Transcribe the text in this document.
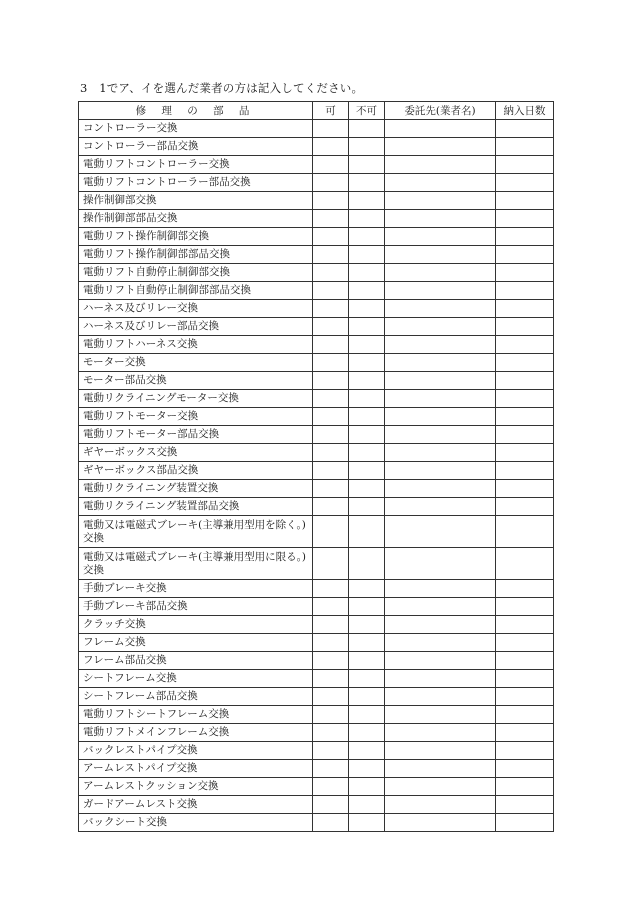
3　1でア、イを選んだ業者の方は記入してください。
修 理 の 部 品	可	不可	委託先(業者名)	納入日数
コントローラー交換				
コントローラー部品交換				
電動リフトコントローラー交換				
電動リフトコントローラー部品交換				
操作制御部交換				
操作制御部部品交換				
電動リフト操作制御部交換				
電動リフト操作制御部部品交換				
電動リフト自動停止制御部交換				
電動リフト自動停止制御部部品交換				
ハーネス及びリレー交換				
ハーネス及びリレー部品交換				
電動リフトハーネス交換				
モーター交換				
モーター部品交換				
電動リクライニングモーター交換				
電動リフトモーター交換				
電動リフトモーター部品交換				
ギヤーボックス交換				
ギヤーボックス部品交換				
電動リクライニング装置交換				
電動リクライニング装置部品交換				
電動又は電磁式ブレーキ(主導兼用型用を除く。)交換				
電動又は電磁式ブレーキ(主導兼用型用に限る。)交換				
手動ブレーキ交換				
手動ブレーキ部品交換				
クラッチ交換				
フレーム交換				
フレーム部品交換				
シートフレーム交換				
シートフレーム部品交換				
電動リフトシートフレーム交換				
電動リフトメインフレーム交換				
バックレストパイプ交換				
アームレストパイプ交換				
アームレストクッション交換				
ガードアームレスト交換				
バックシート交換				
